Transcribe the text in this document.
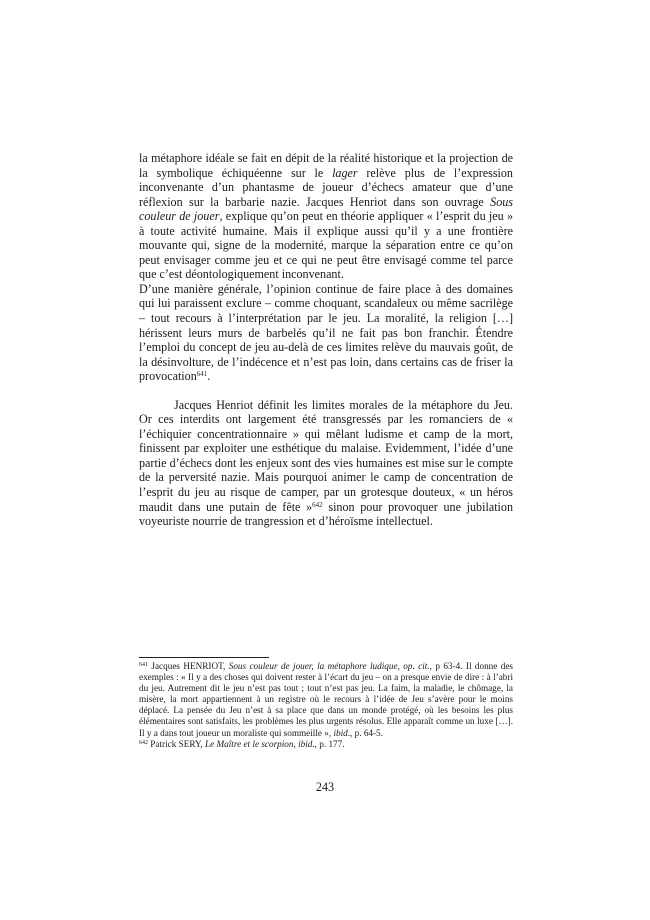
la métaphore idéale se fait en dépit de la réalité historique et la projection de la symbolique échiquéenne sur le lager relève plus de l’expression inconvenante d’un phantasme de joueur d’échecs amateur que d’une réflexion sur la barbarie nazie. Jacques Henriot dans son ouvrage Sous couleur de jouer, explique qu’on peut en théorie appliquer « l’esprit du jeu » à toute activité humaine. Mais il explique aussi qu’il y a une frontière mouvante qui, signe de la modernité, marque la séparation entre ce qu’on peut envisager comme jeu et ce qui ne peut être envisagé comme tel parce que c’est déontologiquement inconvenant.

D’une manière générale, l’opinion continue de faire place à des domaines qui lui paraissent exclure – comme choquant, scandaleux ou même sacrilège – tout recours à l’interprétation par le jeu. La moralité, la religion […] hérissent leurs murs de barbelés qu’il ne fait pas bon franchir. Étendre l’emploi du concept de jeu au-delà de ces limites relève du mauvais goût, de la désinvolture, de l’indécence et n’est pas loin, dans certains cas de friser la provocation$^{641}$.

Jacques Henriot définit les limites morales de la métaphore du Jeu. Or ces interdits ont largement été transgressés par les romanciers de « l’échiquier concentrationnaire » qui mêlant ludisme et camp de la mort, finissent par exploiter une esthétique du malaise. Evidemment, l’idée d’une partie d’échecs dont les enjeux sont des vies humaines est mise sur le compte de la perversité nazie. Mais pourquoi animer le camp de concentration de l’esprit du jeu au risque de camper, par un grotesque douteux, « un héros maudit dans une putain de fête »$^{642}$ sinon pour provoquer une jubilation voyeuriste nourrie de trangression et d’héroïsme intellectuel.

$^{641}$ Jacques HENRIOT, Sous couleur de jouer, la métaphore ludique, op. cit., p 63-4. Il donne des exemples : « Il y a des choses qui doivent rester à l’écart du jeu – on a presque envie de dire : à l’abri du jeu. Autrement dit le jeu n’est pas tout ; tout n’est pas jeu. La faim, la maladie, le chômage, la misère, la mort appartiennent à un registre où le recours à l’idée de Jeu s’avère pour le moins déplacé. La pensée du Jeu n’est à sa place que dans un monde protégé, où les besoins les plus élémentaires sont satisfaits, les problèmes les plus urgents résolus. Elle apparaît comme un luxe […]. Il y a dans tout joueur un moraliste qui sommeille », ibid., p. 64-5.

$^{642}$ Patrick SERY, Le Maître et le scorpion, ibid., p. 177.

243
